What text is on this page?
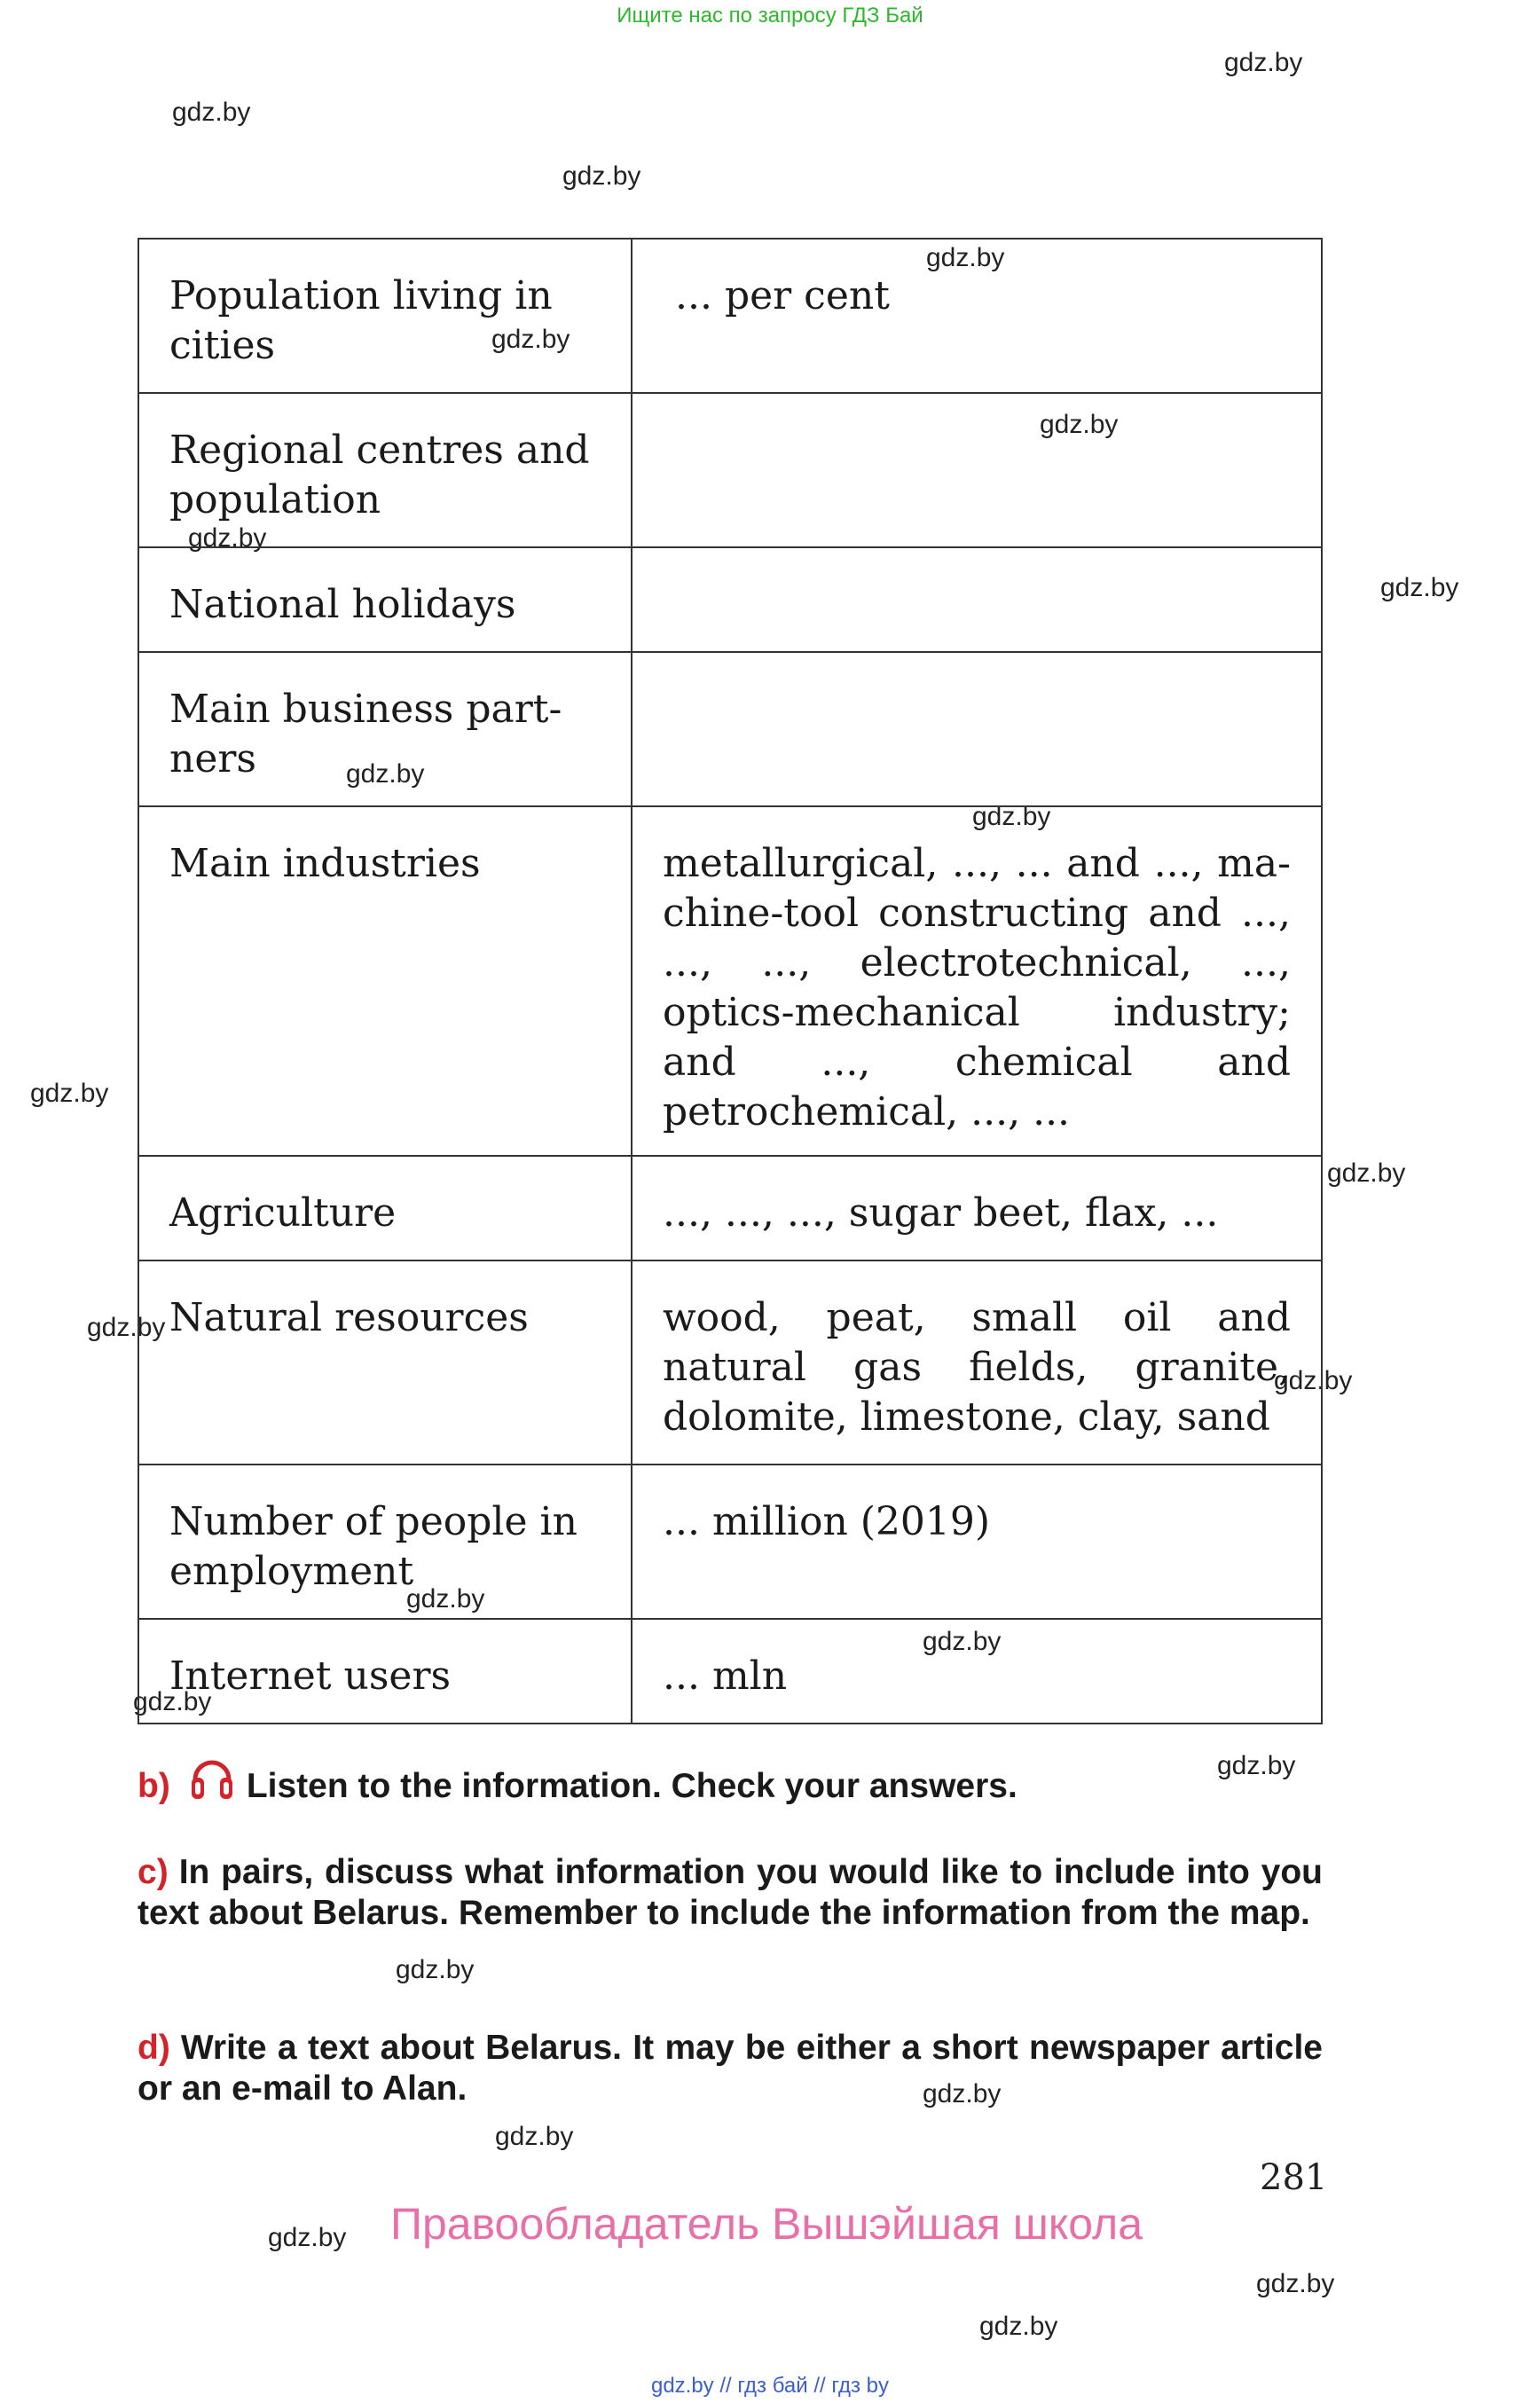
Ищите нас по запросу ГДЗ Бай
gdz.by
gdz.by
gdz.by
gdz.by
gdz.by
gdz.by
gdz.by
gdz.by
gdz.by
gdz.by
gdz.by
gdz.by
gdz.by
gdz.by
gdz.by
gdz.by
gdz.by
gdz.by
gdz.by
gdz.by
gdz.by
gdz.by
gdz.by
gdz.by
Population living in cities	... per cent
Regional centres and population	
National holidays	
Main business part-ners	
Main industries	metallurgical, ..., ... and ..., ma-chine-tool constructing and ..., ..., ..., electrotechnical, ..., optics-mechanical industry; and ..., chemical and petrochemical, ..., ...
Agriculture	..., ..., ..., sugar beet, flax, ...
Natural resources	wood, peat, small oil and natural gas fields, granite, dolomite, limestone, clay, sand
Number of people in employment	... million (2019)
Internet users	... mln
b) Listen to the information. Check your answers.
c) In pairs, discuss what information you would like to include into you text about Belarus. Remember to include the information from the map.
d) Write a text about Belarus. It may be either a short newspaper article or an e-mail to Alan.
281
Правообладатель Вышэйшая школа
gdz.by // гдз бай // гдз by
